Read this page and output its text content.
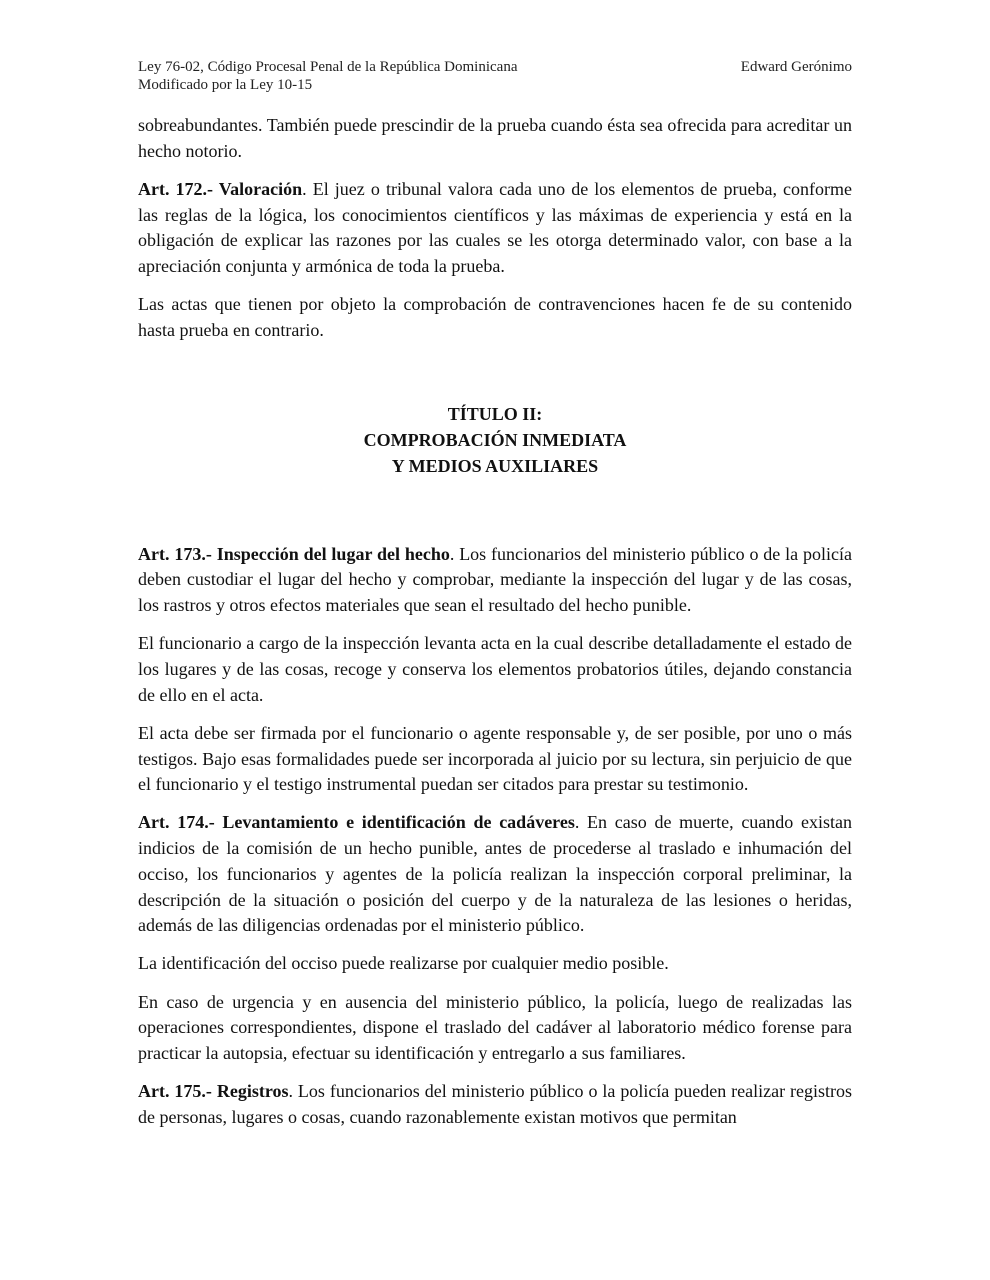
Ley 76-02, Código Procesal Penal de la República Dominicana
Modificado por la Ley 10-15
Edward Gerónimo

sobreabundantes. También puede prescindir de la prueba cuando ésta sea ofrecida para acreditar un hecho notorio.

Art. 172.- Valoración. El juez o tribunal valora cada uno de los elementos de prueba, conforme las reglas de la lógica, los conocimientos científicos y las máximas de experiencia y está en la obligación de explicar las razones por las cuales se les otorga determinado valor, con base a la apreciación conjunta y armónica de toda la prueba.

Las actas que tienen por objeto la comprobación de contravenciones hacen fe de su contenido hasta prueba en contrario.

TÍTULO II:
COMPROBACIÓN INMEDIATA
Y MEDIOS AUXILIARES

Art. 173.- Inspección del lugar del hecho. Los funcionarios del ministerio público o de la policía deben custodiar el lugar del hecho y comprobar, mediante la inspección del lugar y de las cosas, los rastros y otros efectos materiales que sean el resultado del hecho punible.

El funcionario a cargo de la inspección levanta acta en la cual describe detalladamente el estado de los lugares y de las cosas, recoge y conserva los elementos probatorios útiles, dejando constancia de ello en el acta.

El acta debe ser firmada por el funcionario o agente responsable y, de ser posible, por uno o más testigos. Bajo esas formalidades puede ser incorporada al juicio por su lectura, sin perjuicio de que el funcionario y el testigo instrumental puedan ser citados para prestar su testimonio.

Art. 174.- Levantamiento e identificación de cadáveres. En caso de muerte, cuando existan indicios de la comisión de un hecho punible, antes de procederse al traslado e inhumación del occiso, los funcionarios y agentes de la policía realizan la inspección corporal preliminar, la descripción de la situación o posición del cuerpo y de la naturaleza de las lesiones o heridas, además de las diligencias ordenadas por el ministerio público.

La identificación del occiso puede realizarse por cualquier medio posible.

En caso de urgencia y en ausencia del ministerio público, la policía, luego de realizadas las operaciones correspondientes, dispone el traslado del cadáver al laboratorio médico forense para practicar la autopsia, efectuar su identificación y entregarlo a sus familiares.

Art. 175.- Registros. Los funcionarios del ministerio público o la policía pueden realizar registros de personas, lugares o cosas, cuando razonablemente existan motivos que permitan
